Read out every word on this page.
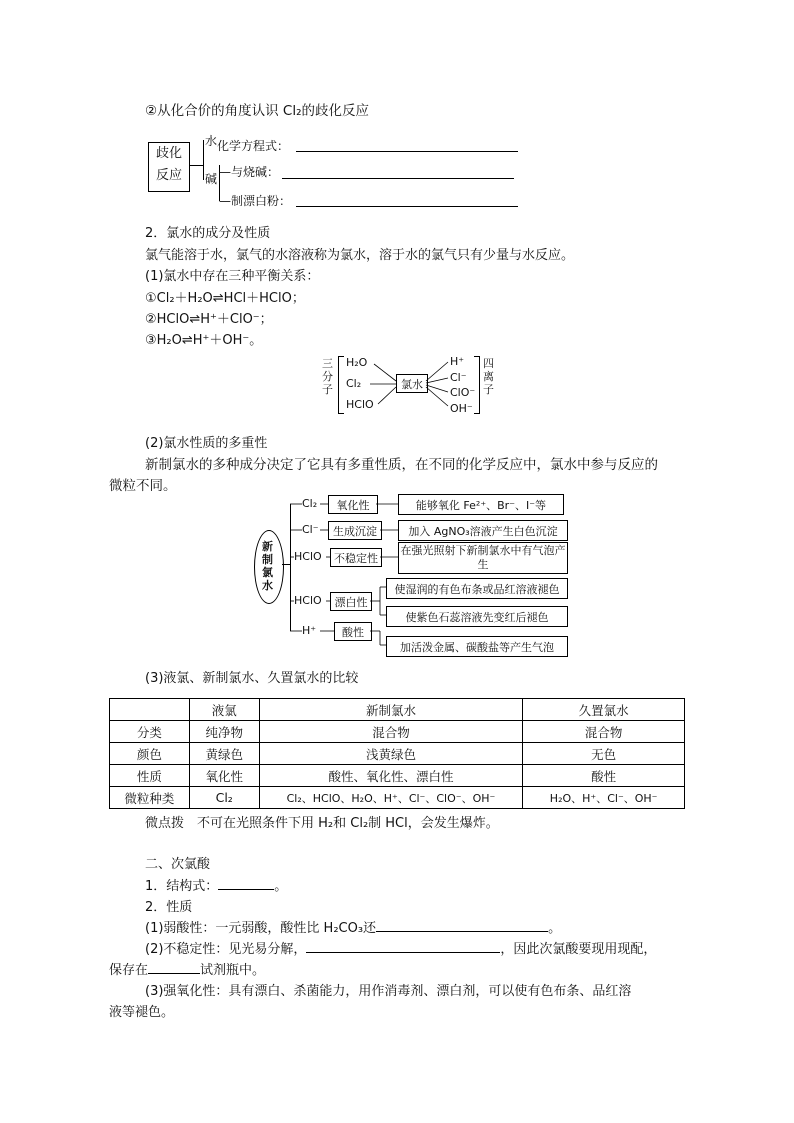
②从化合价的角度认识 Cl₂的歧化反应
歧化
反应
水 化学方程式：
碱 —与烧碱：
—制漂白粉：
2．氯水的成分及性质
氯气能溶于水，氯气的水溶液称为氯水，溶于水的氯气只有少量与水反应。
(1)氯水中存在三种平衡关系：
①Cl₂＋H₂O⇌HCl＋HClO；
②HClO⇌H⁺＋ClO⁻；
③H₂O⇌H⁺＋OH⁻。
三
分
子
H₂O
Cl₂
HClO
氯水
H⁺
Cl⁻
ClO⁻
OH⁻
四
离
子
(2)氯水性质的多重性
新制氯水的多种成分决定了它具有多重性质，在不同的化学反应中，氯水中参与反应的
微粒不同。
新
制
氯
水
Cl₂
Cl⁻
HClO
HClO
H⁺
氧化性
生成沉淀
不稳定性
漂白性
酸性
能够氧化 Fe²⁺、Br⁻、I⁻等
加入 AgNO₃溶液产生白色沉淀
在强光照射下新制氯水中有气泡产生
使湿润的有色布条或品红溶液褪色
使紫色石蕊溶液先变红后褪色
加活泼金属、碳酸盐等产生气泡
(3)液氯、新制氯水、久置氯水的比较
	液氯	新制氯水	久置氯水
分类	纯净物	混合物	混合物
颜色	黄绿色	浅黄绿色	无色
性质	氧化性	酸性、氧化性、漂白性	酸性
微粒种类	Cl₂	Cl₂、HClO、H₂O、H⁺、Cl⁻、ClO⁻、OH⁻	H₂O、H⁺、Cl⁻、OH⁻
微点拨　不可在光照条件下用 H₂和 Cl₂制 HCl，会发生爆炸。
二、次氯酸
1．结构式：	。
2．性质
(1)弱酸性：一元弱酸，酸性比 H₂CO₃还	。
(2)不稳定性：见光易分解，	，因此次氯酸要现用现配，
保存在	试剂瓶中。
(3)强氧化性：具有漂白、杀菌能力，用作消毒剂、漂白剂，可以使有色布条、品红溶
液等褪色。
